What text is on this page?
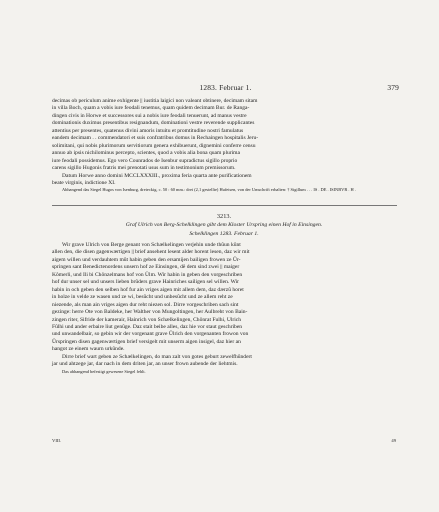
1283. Februar 1.	379

decimas ob periculum anime exhigente || iustitia laigici non valeant obtinere, decimam sitam

in villa Boch, quam a vobis iure feodali tenemus, quam quidem decimam Bur. de Ranga-

dingen civis in Horwe et successores sui a nobis iure feodali tenuerunt, ad manus vestre

dominationis duximus presentibus resignandum, dominationi vestre reverende supplicantes

attentius per presentes, quatenus divini amoris intuitu et promtitudine nostri famulatus

eandem decimam . . commendatori et suis confratribus domus in Rechaingen hospitalis Jeru-

solimitani, qui nobis plurimorum servitiorum genera exhibuerunt, dignemini conferre censu

annuo ab ipsis nichilominus percepto, scientes, quod a vobis alia bona quam plurima

iure feodali possidemus. Ego vero Counrados de Isenbur supradictus sigillo proprio

carens sigillo Hugonis fratris mei prenotati usus sum in testimonium premissorum.

Datum Horwe anno domini MCCLXXXIII., proxima feria quarta ante purificationem

beate virginis, indictione XI.

Abhangend das Siegel Hugos von Isenburg, dreieckig, c. 50 : 60 mm.: drei (2,1 gestellte) Hufeisen, von der Umschrift erhalten: † Sigillum . . . IS . DE . ISINBVR . H .

3213.
Graf Ulrich von Berg-Schelklingen gibt dem Kloster Urspring einen Hof in Einsingen.
Schelklingen 1283. Februar 1.

Wir grave Ulrich von Berge genant von Schælkelingen verjehin unde thûun kûnt

allen den, die disen gagenwærtigen || brief ansehent lesent alder horent lesen, daz wir mit

aigem willen und verdauhtem mût habin geben den ersamijen bailigen frowen ze Ûr-

springen sant Benedictenordens unsern hof ze Einsingen, dê dem sind zwei || maiger

Kômerli, und Ili bi Chônzelmans hof von Ülm. Wir habin in geben den vorgeschriben

hof dur unser sel und unsers lieben brûders grave Hainriches sailigen sel willen. Wir

habin in och geben den selben hof fur ain vriges aigen mit allem dem, daz dærzû horet

in holze in velde ze wasen und ze wi, besûcht und unbesûcht und ze allem reht ze

niezende, als man ain vriges aigen dur reht niezen sol. Dirre vorgeschriben sach sint

gezinge: herre Ote von Baldeke, her Walther von Mungoltingen, her Aulbreht von Bain-

zingen riter, Sifride der kamerair, Hainrich von Schælkelingen, Chônrat Fulhi, Ulrich

Fûlhi und ander erbaire liut genûge. Daz stait beibe alles, daz hie vor staut geschriben

und unwandelbair, so gebin wir der vorgenant grave Ûlrich den vorgenanten frowon von

Ûrspringen disen gagenwærtigen brief versigelt mit unserm aigen insigel, daz hier an

hangot ze einem waurn urkûnde.

Dirre brief wart geben ze Schælkelingen, do man zalt von gotes geburt zewelfhûndert

jar und ahtzege jar, dar nach in dem driten jar, an unser frown aubende der liehtmis.

Das abhangend befestigt gewesene Siegel fehlt.

VIII.	49
